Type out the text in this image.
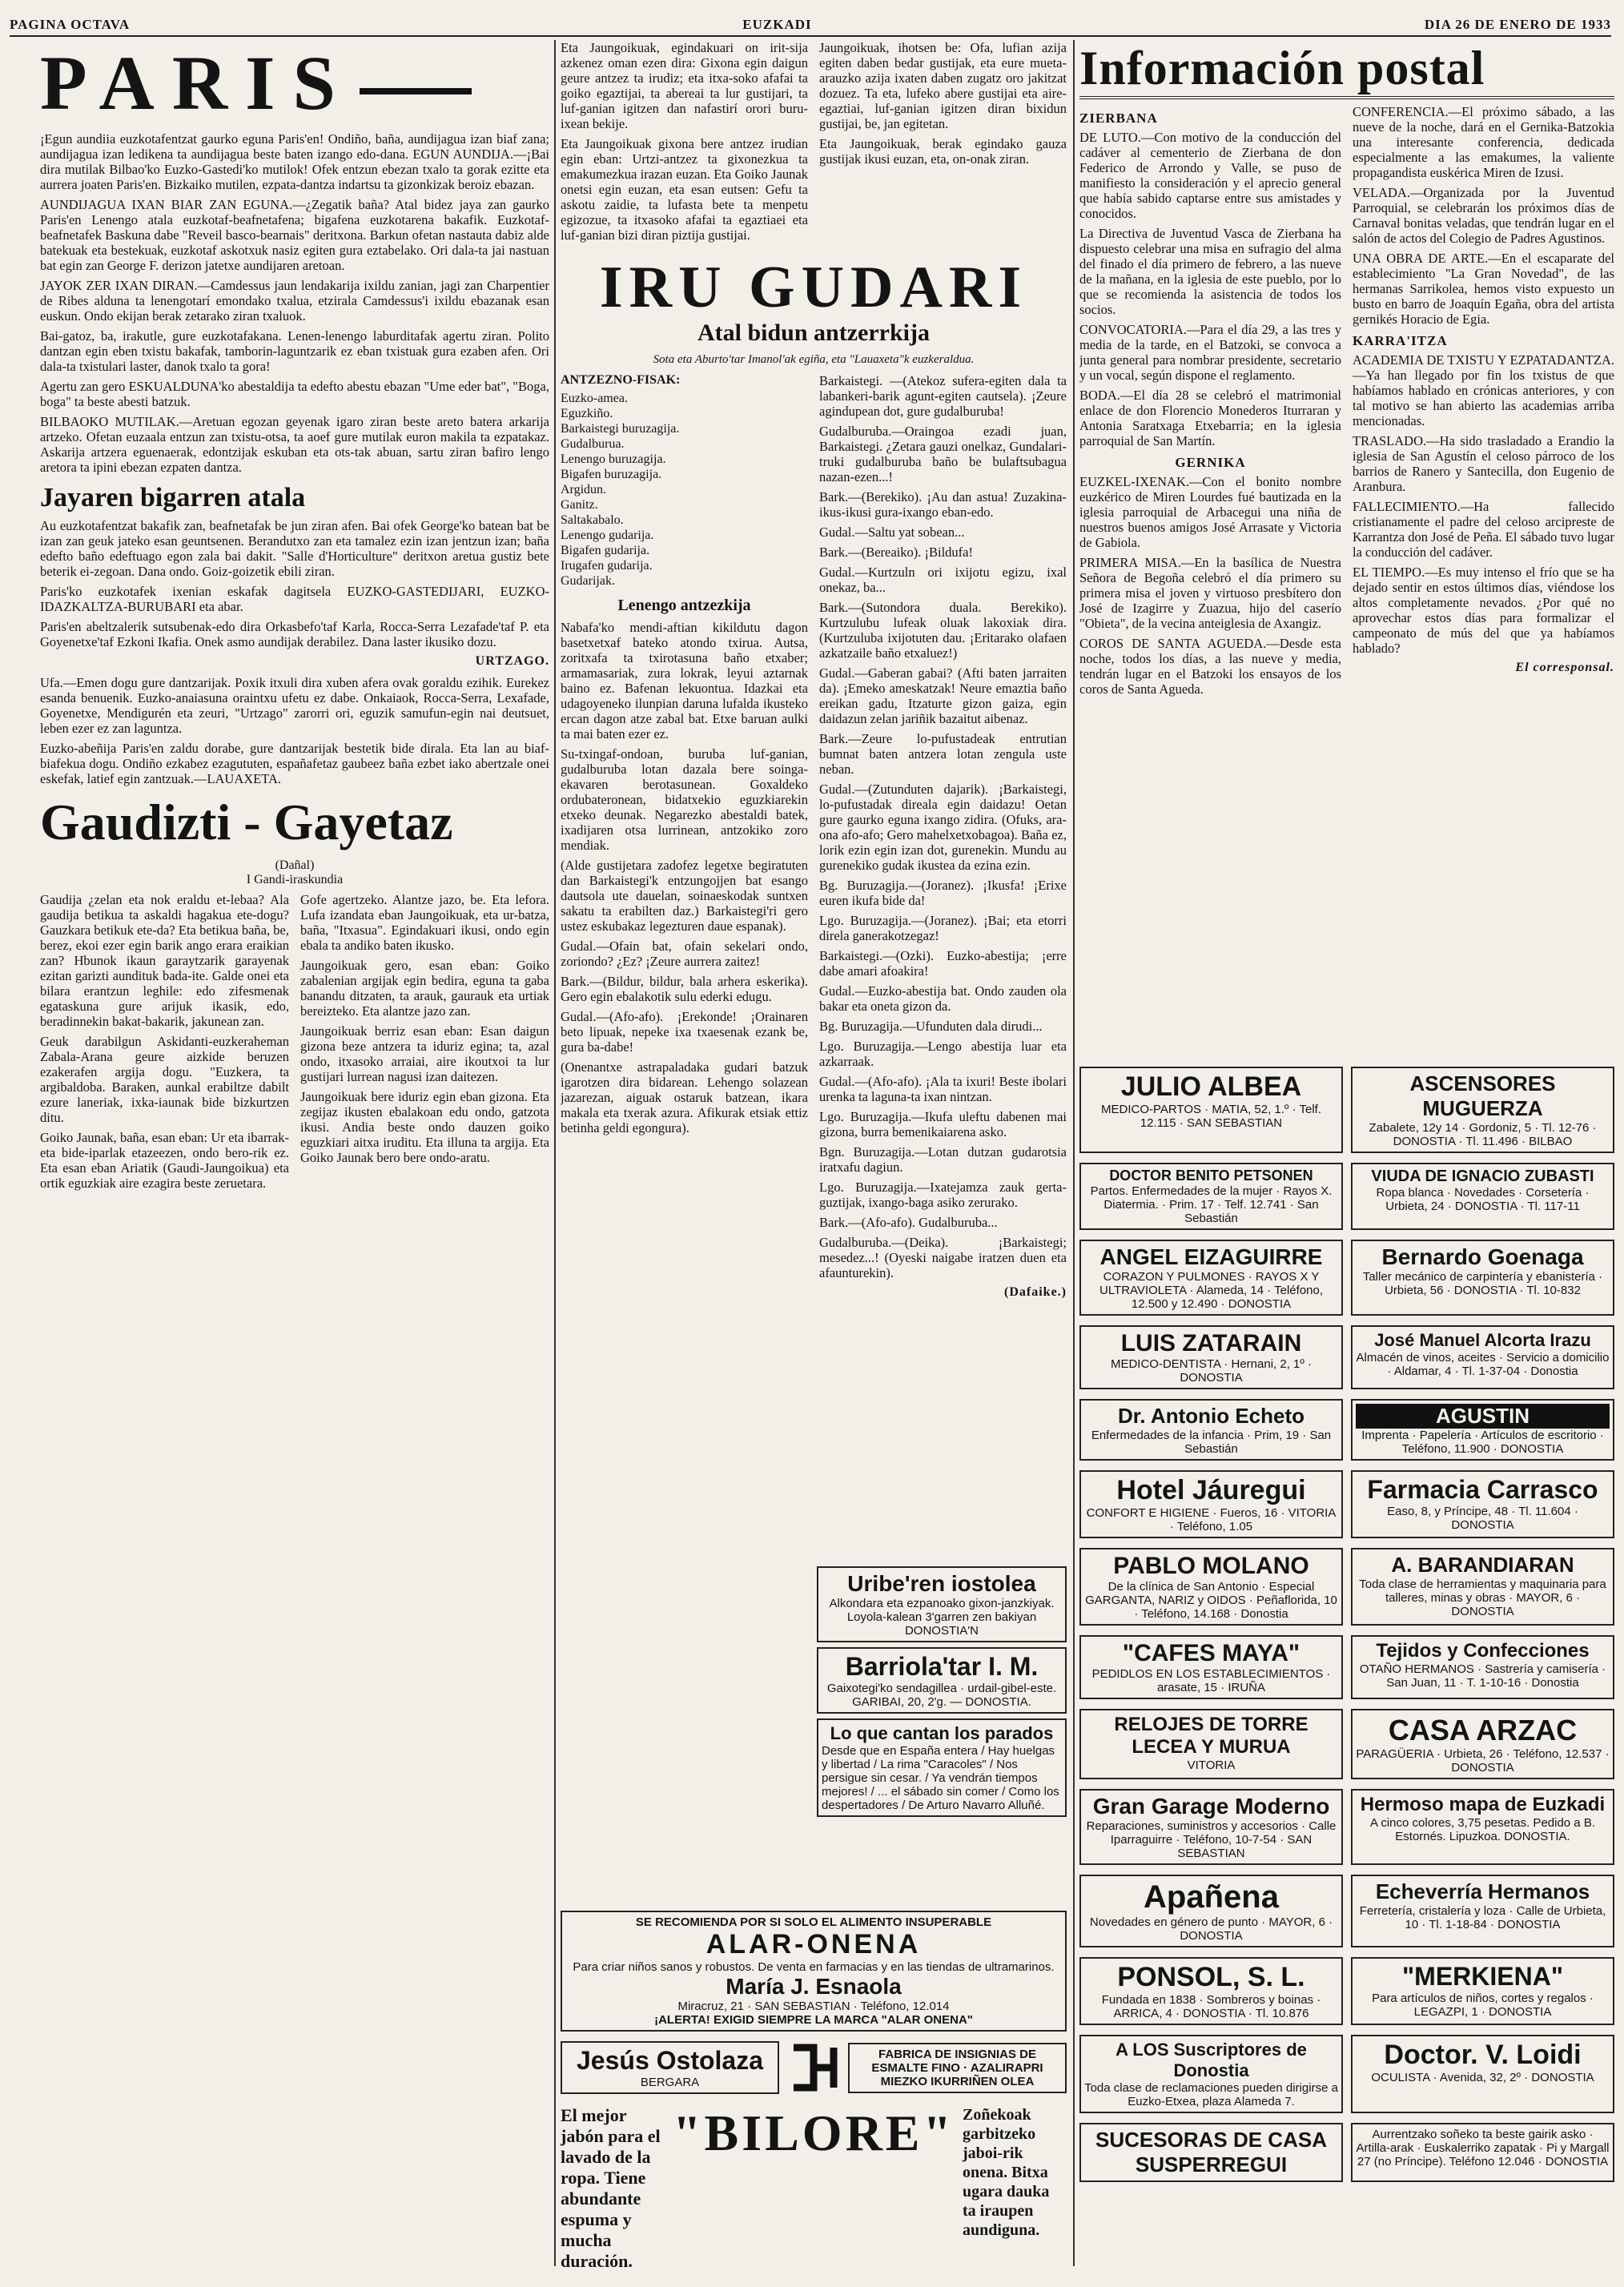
PAGINA OCTAVA	EUZKADI	DIA 26 DE ENERO DE 1933
PARIS

¡Egun aundiia euzkotafentzat gaurko eguna Paris'en! Ondiño, baña, aundijagua izan biaf zana; aundijagua izan ledikena ta aundijagua beste baten izango edo-dana. EGUN AUNDIJA.—¡Bai dira mutilak Bilbao'ko Euzko-Gastedi'ko mutilok! Ofek entzun ebezan txalo ta gorak ezitte eta aurrera joaten Paris'en. Bizkaiko mutilen, ezpata-dantza indartsu ta gizonkizak beroiz ebazan.

AUNDIJAGUA IXAN BIAR ZAN EGUNA.—¿Zegatik baña? Atal bidez jaya zan gaurko Paris'en Lenengo atala euzkotaf-beafnetafena; bigafena euzkotarena bakafik. Euzkotaf-beafnetafek Baskuna dabe "Reveil basco-bearnais" deritxona. Barkun ofetan nastauta dabiz alde batekuak eta bestekuak, euzkotaf askotxuk nasiz egiten gura eztabelako. Ori dala-ta jai nastuan bat egin zan George F. derizon jatetxe aundijaren aretoan.

JAYOK ZER IXAN DIRAN.—Camdessus jaun lendakarija ixildu zanian, jagi zan Charpentier de Ribes alduna ta lenengotarí emondako txalua, etzirala Camdessus'i ixildu ebazanak esan euskun. Ondo ekijan berak zetarako ziran txaluok.

Bai-gatoz, ba, irakutle, gure euzkotafakana. Lenen-lenengo laburditafak agertu ziran. Polito dantzan egin eben txistu bakafak, tamborin-laguntzarik ez eban txistuak gura ezaben afen. Ori dala-ta txistulari laster, danok txalo ta gora!

Agertu zan gero ESKUALDUNA'ko abestaldija ta edefto abestu ebazan "Ume eder bat", "Boga, boga" ta beste abesti batzuk.

BILBAOKO MUTILAK.—Aretuan egozan geyenak igaro ziran beste areto batera arkarija artzeko. Ofetan euzaala entzun zan txistu-otsa, ta aoef gure mutilak euron makila ta ezpatakaz. Askarija artzera eguenaerak, edontzijak eskuban eta ots-tak abuan, sartu ziran bafiro lengo aretora ta ipini ebezan ezpaten dantza.

Jayaren bigarren atala

Au euzkotafentzat bakafik zan, beafnetafak be jun ziran afen. Bai ofek George'ko batean bat be izan zan geuk jateko esan geuntsenen. Berandutxo zan eta tamalez ezin izan jentzun izan; baña edefto baño edeftuago egon zala bai dakit. "Salle d'Horticulture" deritxon aretua gustiz bete beterik ei-zegoan. Dana ondo. Goiz-goizetik ebili ziran.

Paris'ko euzkotafek ixenian eskafak dagitsela EUZKO-GASTEDIJARI, EUZKO-IDAZKALTZA-BURUBARI eta abar.

Paris'en abeltzalerik sutsubenak-edo dira Orkasbefo'taf Karla, Rocca-Serra Lezafade'taf P. eta Goyenetxe'taf Ezkoni Ikafia. Onek asmo aundijak derabilez. Dana laster ikusiko dozu.

URTZAGO.

Ufa.—Emen dogu gure dantzarijak. Poxik itxuli dira xuben afera ovak goraldu ezihik. Eurekez esanda benuenik. Euzko-anaiasuna oraintxu ufetu ez dabe. Onkaiaok, Rocca-Serra, Lexafade, Goyenetxe, Mendigurén eta zeuri, "Urtzago" zarorri ori, eguzik samufun-egin nai deutsuet, leben ezer ez zan laguntza.

Euzko-abeñija Paris'en zaldu dorabe, gure dantzarijak bestetik bide dirala. Eta lan au biaf-biafekua dogu. Ondiño ezkabez ezagututen, españafetaz gaubeez baña ezbet iako abertzale onei eskefak, latief egin zantzuak.—LAUAXETA.

Gaudizti - Gayetaz
(Dañal)
I Gandi-iraskundia

Gaudija ¿zelan eta nok eraldu et-lebaa? Ala gaudija betikua ta askaldi hagakua ete-dogu? Gauzkara betikuk ete-da? Eta betikua baña, be, berez, ekoi ezer egin barik ango erara eraikian zan? Hbunok ikaun garaytzarik garayenak ezitan garizti aundituk bada-ite. Galde onei eta bilara erantzun leghile: edo zifesmenak egataskuna gure arijuk ikasik, edo, beradinnekin bakat-bakarik, jakunean zan.

Geuk darabilgun Askidanti-euzkeraheman Zabala-Arana geure aizkide beruzen ezakerafen argija dogu. "Euzkera, ta argibaldoba. Baraken, aunkal erabiltze dabilt ezure laneriak, ixka-iaunak bide bizkurtzen ditu.

Goiko Jaunak, baña, esan eban: Ur eta ibarrak-eta bide-iparlak etazeezen, ondo bero-rik ez. Eta esan eban Ariatik (Gaudi-Jaungoikua) eta ortik eguzkiak aire ezagira beste zeruetara.

Gofe agertzeko. Alantze jazo, be. Eta lefora. Lufa izandata eban Jaungoikuak, eta ur-batza, baña, "Itxasua". Egindakuari ikusi, ondo egin ebala ta andiko baten ikusko.

Jaungoikuak gero, esan eban: Goiko zabalenian argijak egin bedira, eguna ta gaba banandu ditzaten, ta arauk, gaurauk eta urtiak bereizteko. Eta alantze jazo zan.

Jaungoikuak berriz esan eban: Esan daigun gizona beze antzera ta iduriz egina; ta, azal ondo, itxasoko arraiai, aire ikoutxoi ta lur gustijari lurrean nagusi izan daitezen.

Jaungoikuak bere iduriz egin eban gizona. Eta zegijaz ikusten ebalakoan edu ondo, gatzota ikusi. Andia beste ondo dauzen goiko eguzkiari aitxa iruditu. Eta illuna ta argija. Eta Goiko Jaunak bero bere ondo-aratu.

Eta Jaungoikuak, egindakuari on irit-sija azkenez oman ezen dira: Gixona egin daigun geure antzez ta irudiz; eta itxa-soko afafai ta goiko egaztijai, ta abereai ta lur gustijari, ta luf-ganian igitzen dan nafastirí orori buru-ixean bekije.

Eta Jaungoikuak gixona bere antzez irudian egin eban: Urtzi-antzez ta gixonezkua ta emakumezkua irazan euzan. Eta Goiko Jaunak onetsi egin euzan, eta esan eutsen: Gefu ta askotu zaidie, ta lufasta bete ta menpetu egizozue, ta itxasoko afafai ta egaztiaei eta luf-ganian bizi diran piztija gustijai.

Jaungoikuak, ihotsen be: Ofa, lufian azija egiten daben bedar gustijak, eta eure mueta-arauzko azija ixaten daben zugatz oro jakitzat dozuez. Ta eta, lufeko abere gustijai eta aire-egaztiai, luf-ganian igitzen diran bixidun gustijai, be, jan egitetan.

Eta Jaungoikuak, berak egindako gauza gustijak ikusi euzan, eta, on-onak ziran.

IRU GUDARI
Atal bidun antzerrkija
Sota eta Aburto'tar Imanol'ak egiña, eta "Lauaxeta"k euzkeraldua.
ANTZEZNO-FISAK:
Euzko-amea.
Eguzkiño.
Barkaistegi buruzagija.
Gudalburua.
Lenengo buruzagija.
Bigafen buruzagija.
Argidun.
Ganitz.
Saltakabalo.
Lenengo gudarija.
Bigafen gudarija.
Irugafen gudarija.
Gudarijak.
Lenengo antzezkija

Nabafa'ko mendi-aftian kikildutu dagon basetxetxaf bateko atondo txirua. Autsa, zoritxafa ta txirotasuna baño etxaber; armamasariak, zura lokrak, leyui aztarnak baino ez. Bafenan lekuontua. Idazkai eta udagoyeneko ilunpian daruna lufalda ikusteko ercan dagon atze zabal bat. Etxe baruan aulki ta mai baten ezer ez.

Su-txingaf-ondoan, buruba luf-ganian, gudalburuba lotan dazala bere soinga-ekavaren berotasunean. Goxaldeko ordubateronean, bidatxekio eguzkiarekin etxeko deunak. Negarezko abestaldi batek, ixadijaren otsa lurrinean, antzokiko zoro mendiak.

(Alde gustijetara zadofez legetxe begiratuten dan Barkaistegi'k entzungojjen bat esango dautsola ute dauelan, soinaeskodak suntxen sakatu ta erabilten daz.) Barkaistegi'ri gero ustez eskubakaz legezturen daue espanak).

Gudal.—Ofain bat, ofain sekelari ondo, zoriondo? ¿Ez? ¡Zeure aurrera zaitez!

Bark.—(Bildur, bildur, bala arhera eskerika). Gero egin ebalakotik sulu ederki edugu.

Gudal.—(Afo-afo). ¡Erekonde! ¡Orainaren beto lipuak, nepeke ixa txaesenak ezank be, gura ba-dabe!

(Onenantxe astrapaladaka gudari batzuk igarotzen dira bidarean. Lehengo solazean jazarezan, aiguak ostaruk batzean, ikara makala eta txerak azura. Afikurak etsiak ettiz betinha geldi egongura).

Barkaistegi. —(Atekoz sufera-egiten dala ta labankeri-barik agunt-egiten cautsela). ¡Zeure agindupean dot, gure gudalburuba!

Gudalburuba.—Oraingoa ezadi juan, Barkaistegi. ¿Zetara gauzi onelkaz, Gundalari-truki gudalburuba baño be bulaftsubagua nazan-ezen...!

Bark.—(Berekiko). ¡Au dan astua! Zuzakina-ikus-ikusi gura-ixango eban-edo.

Gudal.—Saltu yat sobean...

Bark.—(Bereaiko). ¡Bildufa!

Gudal.—Kurtzuln ori ixijotu egizu, ixal onekaz, ba...

Bark.—(Sutondora duala. Berekiko). Kurtzulubu lufeak oluak lakoxiak dira. (Kurtzuluba ixijotuten dau. ¡Eritarako olafaen azkatzaile baño etxaluez!)

Gudal.—Gaberan gabai? (Afti baten jarraiten da). ¡Emeko ameskatzak! Neure emaztia baño ereikan gadu, Itzaturte gizon gaiza, egin daidazun zelan jariñik bazaitut aibenaz.

Bark.—Zeure lo-pufustadeak entrutian bumnat baten antzera lotan zengula uste neban.

Gudal.—(Zutunduten dajarik). ¡Barkaistegi, lo-pufustadak direala egin daidazu! Oetan gure gaurko eguna ixango zidira. (Ofuks, ara-ona afo-afo; Gero mahelxetxobagoa). Baña ez, lorik ezin egin izan dot, gurenekin. Mundu au gurenekiko gudak ikustea da ezina ezin.

Bg. Buruzagija.—(Joranez). ¡Ikusfa! ¡Erixe euren ikufa bide da!

Lgo. Buruzagija.—(Joranez). ¡Bai; eta etorri direla ganerakotzegaz!

Barkaistegi.—(Ozki). Euzko-abestija; ¡erre dabe amari afoakira!

Gudal.—Euzko-abestija bat. Ondo zauden ola bakar eta oneta gizon da.

Bg. Buruzagija.—Ufunduten dala dirudi...

Lgo. Buruzagija.—Lengo abestija luar eta azkarraak.

Gudal.—(Afo-afo). ¡Ala ta ixuri! Beste ibolari urenka ta laguna-ta ixan nintzan.

Lgo. Buruzagija.—Ikufa uleftu dabenen mai gizona, burra bemenikaiarena asko.

Bgn. Buruzagija.—Lotan dutzan gudarotsia iratxafu dagiun.

Lgo. Buruzagija.—Ixatejamza zauk gerta-guztijak, ixango-baga asiko zerurako.

Bark.—(Afo-afo). Gudalburuba...

Gudalburuba.—(Deika). ¡Barkaistegi; mesedez...! (Oyeski naigabe iratzen duen eta afaunturekin).

(Dafaike.)
Uribe'ren iostolea
Alkondara eta ezpanoako gixon-janzkiyak. Loyola-kalean 3'garren zen bakiyan DONOSTIA'N
Barriola'tar I. M.
Gaixotegi'ko sendagillea · urdail-gibel-este. GARIBAI, 20, 2'g. — DONOSTIA.
Lo que cantan los parados
Desde que en España entera / Hay huelgas y libertad / La rima "Caracoles" / Nos persigue sin cesar. / Ya vendrán tiempos mejores! / ... el sábado sin comer / Como los despertadores / De Arturo Navarro Alluñé.
SE RECOMIENDA POR SI SOLO EL ALIMENTO INSUPERABLE
ALAR-ONENA
Para criar niños sanos y robustos. De venta en farmacias y en las tiendas de ultramarinos.
María J. Esnaola
Miracruz, 21 · SAN SEBASTIAN · Teléfono, 12.014
¡ALERTA! EXIGID SIEMPRE LA MARCA "ALAR ONENA"
Jesús Ostolaza
BERGARA
FABRICA DE INSIGNIAS DE ESMALTE FINO · AZALIRAPRI MIEZKO IKURRIÑEN OLEA
El mejor jabón para el lavado de la ropa. Tiene abundante espuma y mucha duración.
"BILORE" Zoñekoak garbitzeko jaboi-rik onena. Bitxa ugara dauka ta iraupen aundiguna.
Información postal
ZIERBANA

DE LUTO.—Con motivo de la conducción del cadáver al cementerio de Zierbana de don Federico de Arrondo y Valle, se puso de manifiesto la consideración y el aprecio general que había sabido captarse entre sus amistades y conocidos.

La Directiva de Juventud Vasca de Zierbana ha dispuesto celebrar una misa en sufragio del alma del finado el día primero de febrero, a las nueve de la mañana, en la iglesia de este pueblo, por lo que se recomienda la asistencia de todos los socios.

CONVOCATORIA.—Para el día 29, a las tres y media de la tarde, en el Batzoki, se convoca a junta general para nombrar presidente, secretario y un vocal, según dispone el reglamento.

BODA.—El día 28 se celebró el matrimonial enlace de don Florencio Monederos Iturraran y Antonia Saratxaga Etxebarria; en la iglesia parroquial de San Martín.

GERNIKA

EUZKEL-IXENAK.—Con el bonito nombre euzkérico de Miren Lourdes fué bautizada en la iglesia parroquial de Arbacegui una niña de nuestros buenos amigos José Arrasate y Victoria de Gabiola.

PRIMERA MISA.—En la basílica de Nuestra Señora de Begoña celebró el día primero su primera misa el joven y virtuoso presbítero don José de Izagirre y Zuazua, hijo del caserío "Obieta", de la vecina anteiglesia de Axangiz.

COROS DE SANTA AGUEDA.—Desde esta noche, todos los días, a las nueve y media, tendrán lugar en el Batzoki los ensayos de los coros de Santa Agueda.

CONFERENCIA.—El próximo sábado, a las nueve de la noche, dará en el Gernika-Batzokia una interesante conferencia, dedicada especialmente a las emakumes, la valiente propagandista euskérica Miren de Izusi.

VELADA.—Organizada por la Juventud Parroquial, se celebrarán los próximos días de Carnaval bonitas veladas, que tendrán lugar en el salón de actos del Colegio de Padres Agustinos.

UNA OBRA DE ARTE.—En el escaparate del establecimiento "La Gran Novedad", de las hermanas Sarrikolea, hemos visto expuesto un busto en barro de Joaquín Egaña, obra del artista gernikés Horacio de Egia.

KARRA'ITZA

ACADEMIA DE TXISTU Y EZPATADANTZA.—Ya han llegado por fin los txistus de que habíamos hablado en crónicas anteriores, y con tal motivo se han abierto las academias arriba mencionadas.

TRASLADO.—Ha sido trasladado a Erandio la iglesia de San Agustín el celoso párroco de los barrios de Ranero y Santecilla, don Eugenio de Aranbura.

FALLECIMIENTO.—Ha fallecido cristianamente el padre del celoso arcipreste de Karrantza don José de Peña. El sábado tuvo lugar la conducción del cadáver.

EL TIEMPO.—Es muy intenso el frío que se ha dejado sentir en estos últimos días, viéndose los altos completamente nevados. ¿Por qué no aprovechar estos días para formalizar el campeonato de mús del que ya habíamos hablado?

El corresponsal.
JULIO ALBEA
MEDICO-PARTOS · MATIA, 52, 1.º · Telf. 12.115 · SAN SEBASTIAN
ASCENSORES MUGUERZA
Zabalete, 12y 14 · Gordoniz, 5 · Tl. 12-76 · DONOSTIA · Tl. 11.496 · BILBAO
DOCTOR BENITO PETSONEN
Partos. Enfermedades de la mujer · Rayos X. Diatermia. · Prim. 17 · Telf. 12.741 · San Sebastián
VIUDA DE IGNACIO ZUBASTI
Ropa blanca · Novedades · Corsetería · Urbieta, 24 · DONOSTIA · Tl. 117-11
ANGEL EIZAGUIRRE
CORAZON Y PULMONES · RAYOS X Y ULTRAVIOLETA · Alameda, 14 · Teléfono, 12.500 y 12.490 · DONOSTIA
Bernardo Goenaga
Taller mecánico de carpintería y ebanistería · Urbieta, 56 · DONOSTIA · Tl. 10-832
LUIS ZATARAIN
MEDICO-DENTISTA · Hernani, 2, 1º · DONOSTIA
José Manuel Alcorta Irazu
Almacén de vinos, aceites · Servicio a domicilio · Aldamar, 4 · Tl. 1-37-04 · Donostia
Dr. Antonio Echeto
Enfermedades de la infancia · Prim, 19 · San Sebastián
AGUSTIN
Imprenta · Papelería · Artículos de escritorio · Teléfono, 11.900 · DONOSTIA
Hotel Jáuregui
CONFORT E HIGIENE · Fueros, 16 · VITORIA · Teléfono, 1.05
Farmacia Carrasco
Easo, 8, y Príncipe, 48 · Tl. 11.604 · DONOSTIA
PABLO MOLANO
De la clínica de San Antonio · Especial GARGANTA, NARIZ y OIDOS · Peñaflorida, 10 · Teléfono, 14.168 · Donostia
A. BARANDIARAN
Toda clase de herramientas y maquinaria para talleres, minas y obras · MAYOR, 6 · DONOSTIA
"CAFES MAYA"
PEDIDLOS EN LOS ESTABLECIMIENTOS · arasate, 15 · IRUÑA
Tejidos y Confecciones
OTAÑO HERMANOS · Sastrería y camisería · San Juan, 11 · T. 1-10-16 · Donostia
RELOJES DE TORRE LECEA Y MURUA
VITORIA
CASA ARZAC
PARAGÜERIA · Urbieta, 26 · Teléfono, 12.537 · DONOSTIA
Gran Garage Moderno
Reparaciones, suministros y accesorios · Calle Iparraguirre · Teléfono, 10-7-54 · SAN SEBASTIAN
Hermoso mapa de Euzkadi
A cinco colores, 3,75 pesetas. Pedido a B. Estornés. Lipuzkoa. DONOSTIA.
Apañena
Novedades en género de punto · MAYOR, 6 · DONOSTIA
Echeverría Hermanos
Ferretería, cristalería y loza · Calle de Urbieta, 10 · Tl. 1-18-84 · DONOSTIA
PONSOL, S. L.
Fundada en 1838 · Sombreros y boinas · ARRICA, 4 · DONOSTIA · Tl. 10.876
"MERKIENA"
Para artículos de niños, cortes y regalos · LEGAZPI, 1 · DONOSTIA
A LOS Suscriptores de Donostia
Toda clase de reclamaciones pueden dirigirse a Euzko-Etxea, plaza Alameda 7.
Doctor. V. Loidi
OCULISTA · Avenida, 32, 2º · DONOSTIA
SUCESORAS DE CASA SUSPERREGUI
Aurrentzako soñeko ta beste gairik asko · Artilla-arak · Euskalerriko zapatak · Pi y Margall 27 (no Príncipe). Teléfono 12.046 · DONOSTIA
